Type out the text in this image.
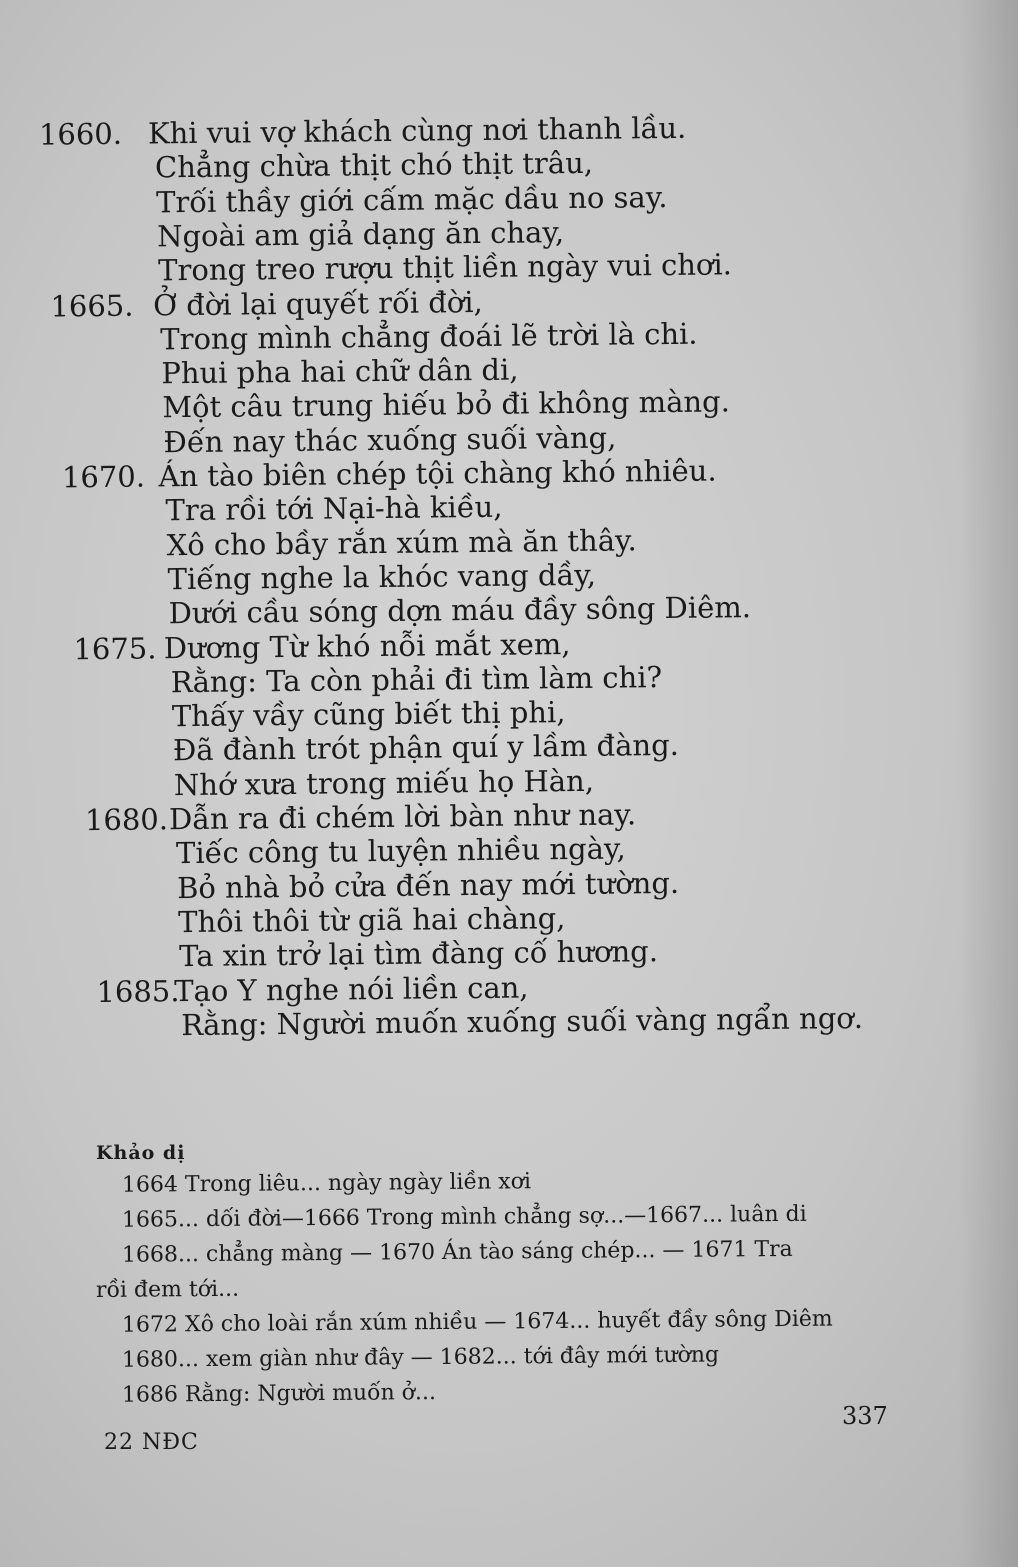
1660. Khi vui vợ khách cùng nơi thanh lầu.
Chẳng chừa thịt chó thịt trâu,
Trối thầy giới cấm mặc dầu no say.
Ngoài am giả dạng ăn chay,
Trong treo rượu thịt liền ngày vui chơi.
1665. Ở đời lại quyết rối đời,
Trong mình chẳng đoái lẽ trời là chi.
Phui pha hai chữ dân di,
Một câu trung hiếu bỏ đi không màng.
Đến nay thác xuống suối vàng,
1670. Án tào biên chép tội chàng khó nhiêu.
Tra rồi tới Nại-hà kiều,
Xô cho bầy rắn xúm mà ăn thây.
Tiếng nghe la khóc vang dầy,
Dưới cầu sóng dợn máu đầy sông Diêm.
1675. Dương Từ khó nỗi mắt xem,
Rằng: Ta còn phải đi tìm làm chi?
Thấy vầy cũng biết thị phi,
Đã đành trót phận quí y lầm đàng.
Nhớ xưa trong miếu họ Hàn,
1680. Dẫn ra đi chém lời bàn như nay.
Tiếc công tu luyện nhiều ngày,
Bỏ nhà bỏ cửa đến nay mới tường.
Thôi thôi từ giã hai chàng,
Ta xin trở lại tìm đàng cố hương.
1685.
Tạo Y nghe nói liền can,
Rằng: Người muốn xuống suối vàng ngẩn ngơ.
Khảo dị
1664 Trong liêu... ngày ngày liền xơi
1665... dối đời—1666 Trong mình chẳng sợ...—1667... luân di
1668... chẳng màng — 1670 Án tào sáng chép... — 1671 Tra
rồi đem tới...
1672 Xô cho loài rắn xúm nhiều — 1674... huyết đầy sông Diêm
1680... xem giàn như đây — 1682... tới đây mới tường
1686 Rằng: Người muốn ở...
22 NĐC
337
